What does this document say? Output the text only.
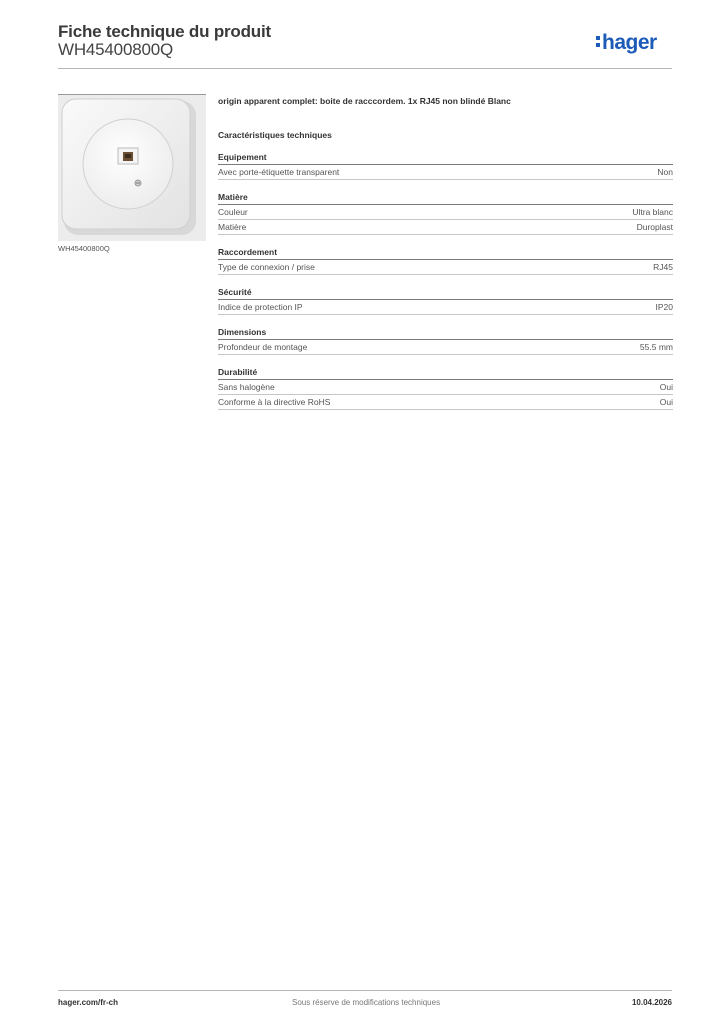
Fiche technique du produit
WH45400800Q	hager
WH45400800Q
origin apparent complet: boite de racccordem. 1x RJ45 non blindé Blanc
Caractéristiques techniques
Equipement
Avec porte-étiquette transparent	Non
Matière
Couleur	Ultra blanc
Matière	Duroplast
Raccordement
Type de connexion / prise	RJ45
Sécurité
Indice de protection IP	IP20
Dimensions
Profondeur de montage	55.5 mm
Durabilité
Sans halogène	Oui
Conforme à la directive RoHS	Oui
hager.com/fr-ch	Sous réserve de modifications techniques	10.04.2026
